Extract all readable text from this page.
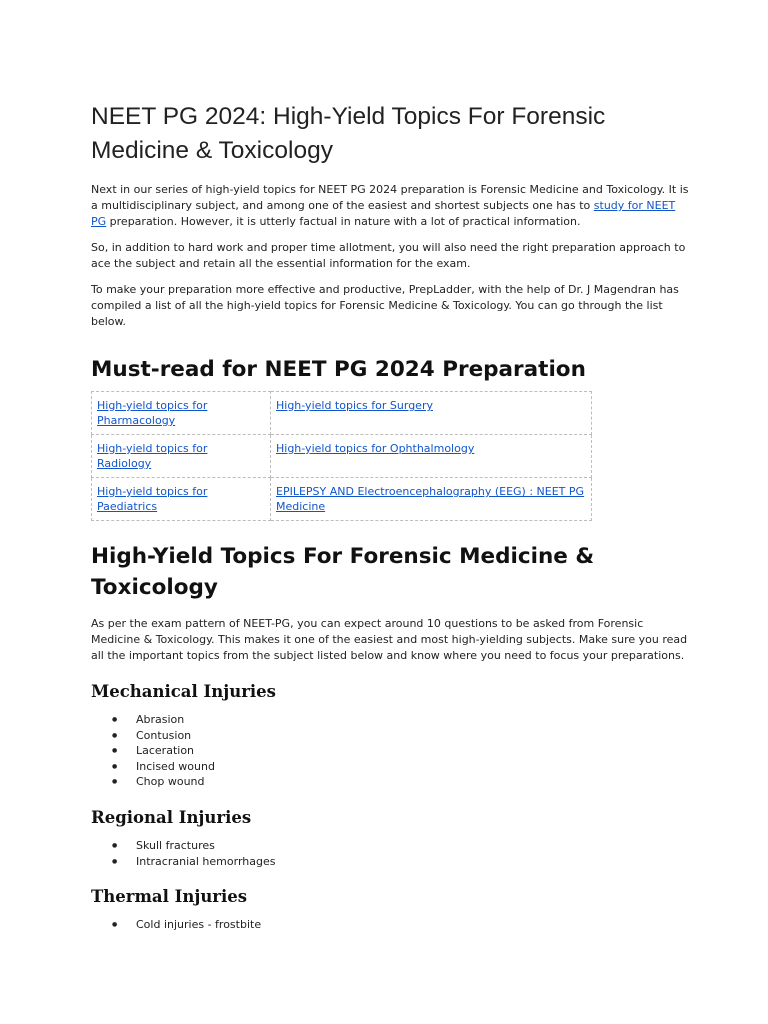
NEET PG 2024: High-Yield Topics For Forensic Medicine & Toxicology

Next in our series of high-yield topics for NEET PG 2024 preparation is Forensic Medicine and Toxicology. It is a multidisciplinary subject, and among one of the easiest and shortest subjects one has to study for NEET PG preparation. However, it is utterly factual in nature with a lot of practical information.

So, in addition to hard work and proper time allotment, you will also need the right preparation approach to ace the subject and retain all the essential information for the exam.

To make your preparation more effective and productive, PrepLadder, with the help of Dr. J Magendran has compiled a list of all the high-yield topics for Forensic Medicine & Toxicology. You can go through the list below.

Must-read for NEET PG 2024 Preparation
High-yield topics for Pharmacology	High-yield topics for Surgery
High-yield topics for Radiology	High-yield topics for Ophthalmology
High-yield topics for Paediatrics	EPILEPSY AND Electroencephalography (EEG) : NEET PG Medicine
High-Yield Topics For Forensic Medicine & Toxicology

As per the exam pattern of NEET-PG, you can expect around 10 questions to be asked from Forensic Medicine & Toxicology. This makes it one of the easiest and most high-yielding subjects. Make sure you read all the important topics from the subject listed below and know where you need to focus your preparations.

Mechanical Injuries
● Abrasion
● Contusion
● Laceration
● Incised wound
● Chop wound
Regional Injuries
● Skull fractures
● Intracranial hemorrhages
Thermal Injuries
● Cold injuries - frostbite
